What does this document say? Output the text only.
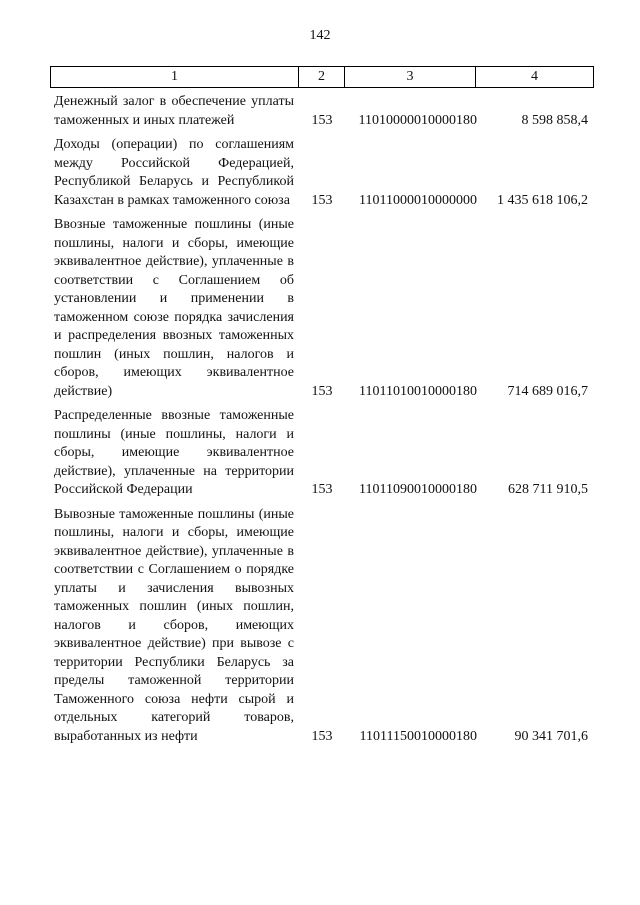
142
1	2	3	4
Денежный залог в обеспечение уплаты таможенных и иных платежей	153	11010000010000180	8 598 858,4
Доходы (операции) по соглашениям между Российской Федерацией, Республикой Беларусь и Республикой Казахстан в рамках таможенного союза	153	11011000010000000	1 435 618 106,2
Ввозные таможенные пошлины (иные пошлины, налоги и сборы, имеющие эквивалентное действие), уплаченные в соответствии с Соглашением об установлении и применении в таможенном союзе порядка зачисления и распределения ввозных таможенных пошлин (иных пошлин, налогов и сборов, имеющих эквивалентное действие)	153	11011010010000180	714 689 016,7
Распределенные ввозные таможенные пошлины (иные пошлины, налоги и сборы, имеющие эквивалентное действие), уплаченные на территории Российской Федерации	153	11011090010000180	628 711 910,5
Вывозные таможенные пошлины (иные пошлины, налоги и сборы, имеющие эквивалентное действие), уплаченные в соответствии с Соглашением о порядке уплаты и зачисления вывозных таможенных пошлин (иных пошлин, налогов и сборов, имеющих эквивалентное действие) при вывозе с территории Республики Беларусь за пределы таможенной территории Таможенного союза нефти сырой и отдельных категорий товаров, выработанных из нефти	153	11011150010000180	90 341 701,6
